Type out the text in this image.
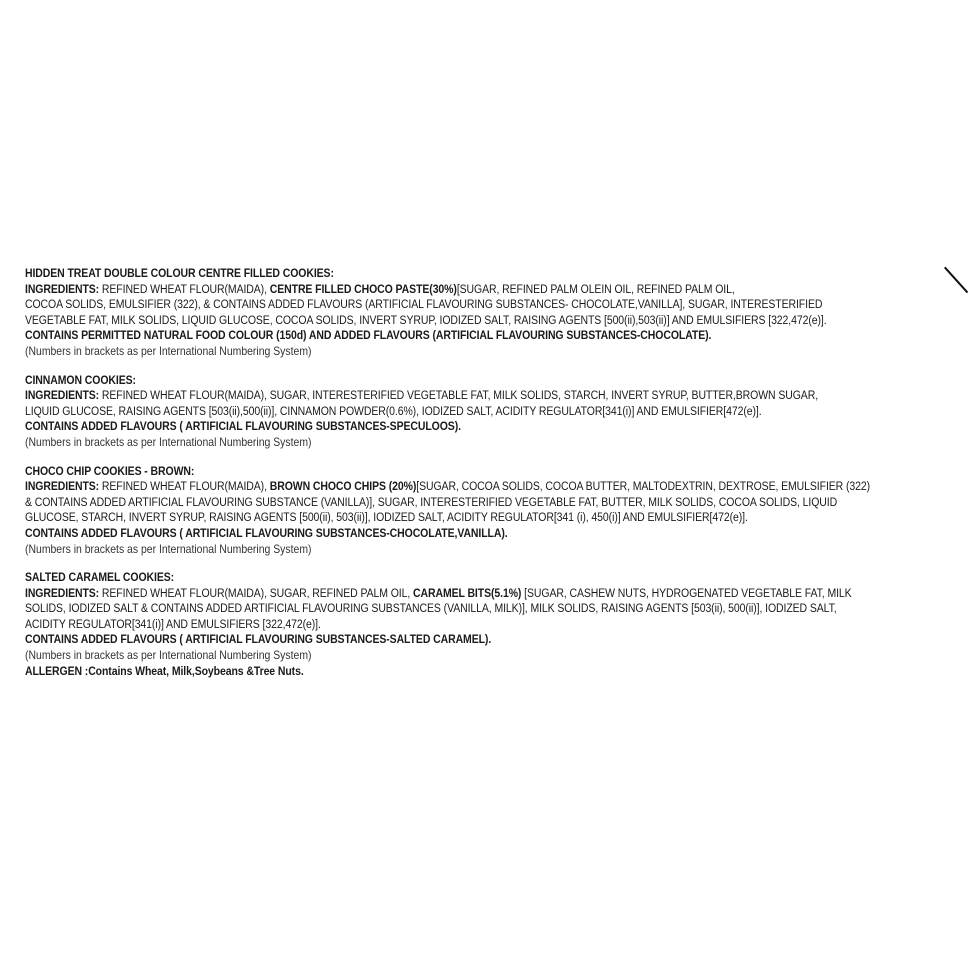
HIDDEN TREAT DOUBLE COLOUR CENTRE FILLED COOKIES:
INGREDIENTS: REFINED WHEAT FLOUR(MAIDA), CENTRE FILLED CHOCO PASTE(30%)[SUGAR, REFINED PALM OLEIN OIL, REFINED PALM OIL,
COCOA SOLIDS, EMULSIFIER (322), & CONTAINS ADDED FLAVOURS (ARTIFICIAL FLAVOURING SUBSTANCES- CHOCOLATE,VANILLA], SUGAR, INTERESTERIFIED
VEGETABLE FAT, MILK SOLIDS, LIQUID GLUCOSE, COCOA SOLIDS, INVERT SYRUP, IODIZED SALT, RAISING AGENTS [500(ii),503(ii)] AND EMULSIFIERS [322,472(e)].
CONTAINS PERMITTED NATURAL FOOD COLOUR (150d) AND ADDED FLAVOURS (ARTIFICIAL FLAVOURING SUBSTANCES-CHOCOLATE).
(Numbers in brackets as per International Numbering System)
CINNAMON COOKIES:
INGREDIENTS: REFINED WHEAT FLOUR(MAIDA), SUGAR, INTERESTERIFIED VEGETABLE FAT, MILK SOLIDS, STARCH, INVERT SYRUP, BUTTER,BROWN SUGAR,
LIQUID GLUCOSE, RAISING AGENTS [503(ii),500(ii)], CINNAMON POWDER(0.6%), IODIZED SALT, ACIDITY REGULATOR[341(i)] AND EMULSIFIER[472(e)].
CONTAINS ADDED FLAVOURS ( ARTIFICIAL FLAVOURING SUBSTANCES-SPECULOOS).
(Numbers in brackets as per International Numbering System)
CHOCO CHIP COOKIES - BROWN:
INGREDIENTS: REFINED WHEAT FLOUR(MAIDA), BROWN CHOCO CHIPS (20%)[SUGAR, COCOA SOLIDS, COCOA BUTTER, MALTODEXTRIN, DEXTROSE, EMULSIFIER (322)
& CONTAINS ADDED ARTIFICIAL FLAVOURING SUBSTANCE (VANILLA)], SUGAR, INTERESTERIFIED VEGETABLE FAT, BUTTER, MILK SOLIDS, COCOA SOLIDS, LIQUID
GLUCOSE, STARCH, INVERT SYRUP, RAISING AGENTS [500(ii), 503(ii)], IODIZED SALT, ACIDITY REGULATOR[341 (i), 450(i)] AND EMULSIFIER[472(e)].
CONTAINS ADDED FLAVOURS ( ARTIFICIAL FLAVOURING SUBSTANCES-CHOCOLATE,VANILLA).
(Numbers in brackets as per International Numbering System)
SALTED CARAMEL COOKIES:
INGREDIENTS: REFINED WHEAT FLOUR(MAIDA), SUGAR, REFINED PALM OIL, CARAMEL BITS(5.1%) [SUGAR, CASHEW NUTS, HYDROGENATED VEGETABLE FAT, MILK
SOLIDS, IODIZED SALT & CONTAINS ADDED ARTIFICIAL FLAVOURING SUBSTANCES (VANILLA, MILK)], MILK SOLIDS, RAISING AGENTS [503(ii), 500(ii)], IODIZED SALT,
ACIDITY REGULATOR[341(i)] AND EMULSIFIERS [322,472(e)].
CONTAINS ADDED FLAVOURS ( ARTIFICIAL FLAVOURING SUBSTANCES-SALTED CARAMEL).
(Numbers in brackets as per International Numbering System)
ALLERGEN :Contains Wheat, Milk,Soybeans &Tree Nuts.
